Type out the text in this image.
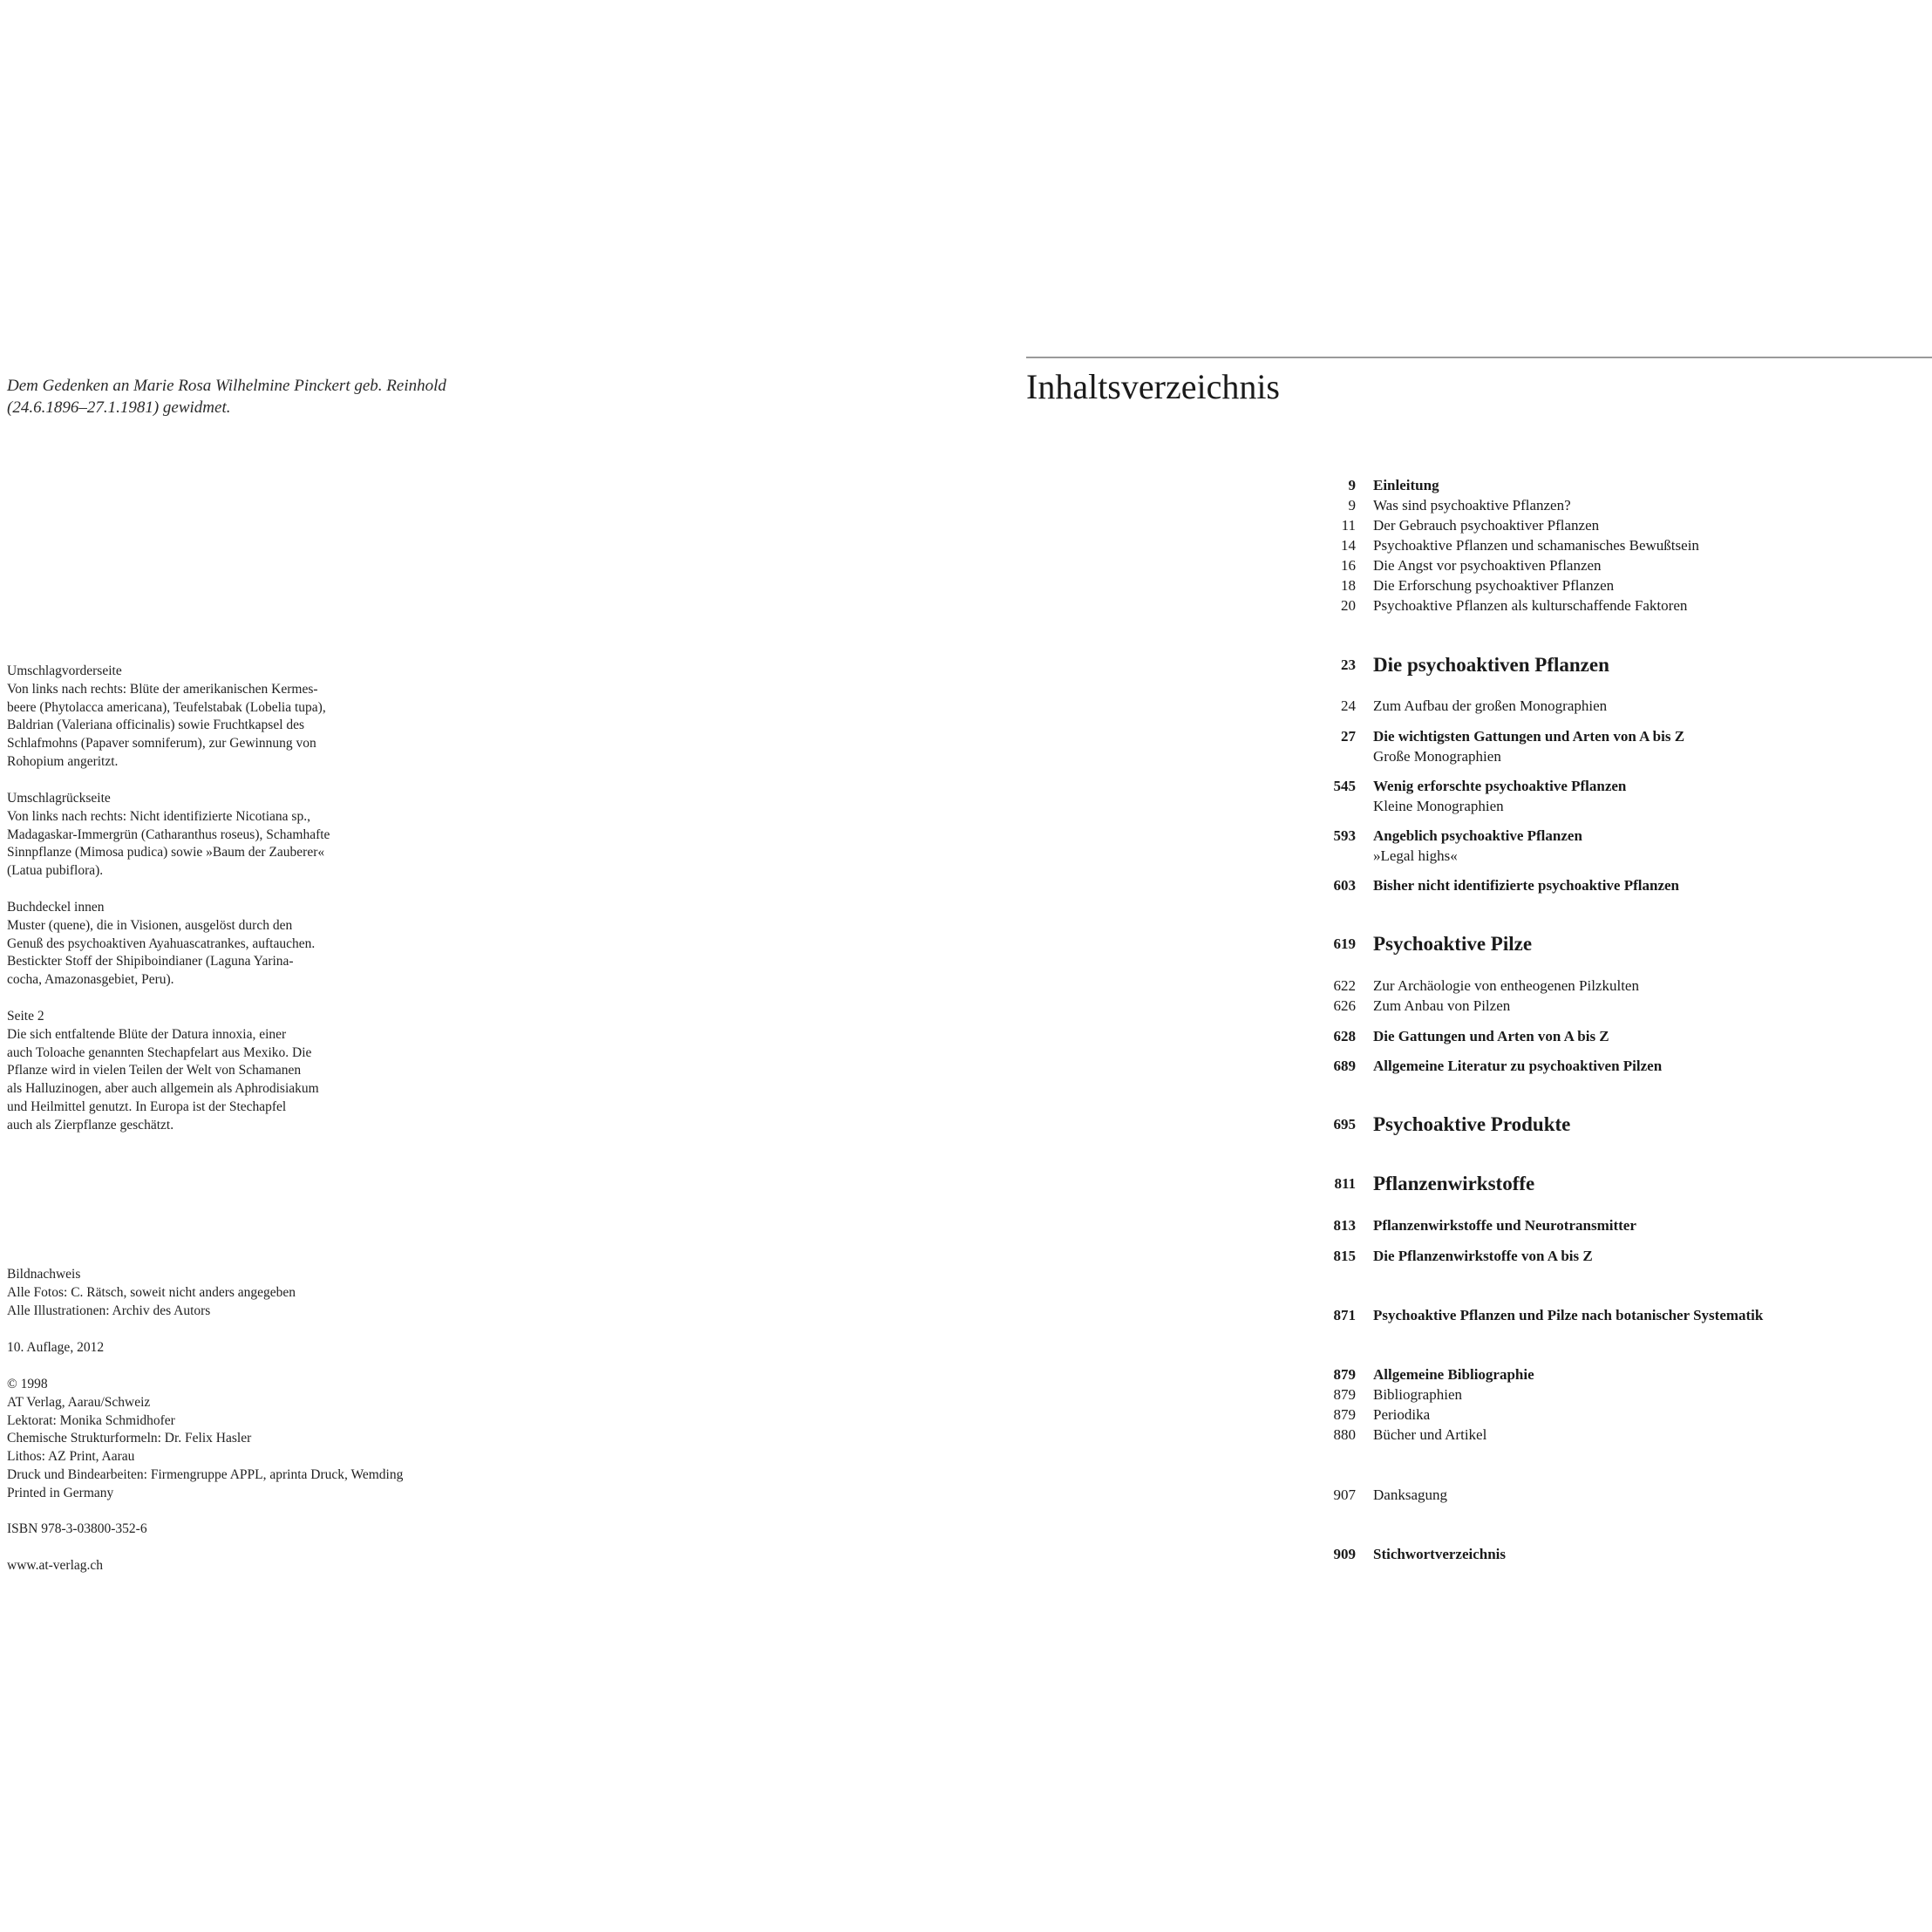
Dem Gedenken an Marie Rosa Wilhelmine Pinckert geb. Reinhold
(24.6.1896–27.1.1981) gewidmet.

Umschlagvorderseite

Von links nach rechts: Blüte der amerikanischen Kermes-

beere (Phytolacca americana), Teufelstabak (Lobelia tupa),

Baldrian (Valeriana officinalis) sowie Fruchtkapsel des

Schlafmohns (Papaver somniferum), zur Gewinnung von

Rohopium angeritzt.

Umschlagrückseite

Von links nach rechts: Nicht identifizierte Nicotiana sp.,

Madagaskar-Immergrün (Catharanthus roseus), Schamhafte

Sinnpflanze (Mimosa pudica) sowie »Baum der Zauberer«

(Latua pubiflora).

Buchdeckel innen

Muster (quene), die in Visionen, ausgelöst durch den

Genuß des psychoaktiven Ayahuascatrankes, auftauchen.

Bestickter Stoff der Shipiboindianer (Laguna Yarina-

cocha, Amazonasgebiet, Peru).

Seite 2

Die sich entfaltende Blüte der Datura innoxia, einer

auch Toloache genannten Stechapfelart aus Mexiko. Die

Pflanze wird in vielen Teilen der Welt von Schamanen

als Halluzinogen, aber auch allgemein als Aphrodisiakum

und Heilmittel genutzt. In Europa ist der Stechapfel

auch als Zierpflanze geschätzt.

Bildnachweis

Alle Fotos: C. Rätsch, soweit nicht anders angegeben

Alle Illustrationen: Archiv des Autors

10. Auflage, 2012

© 1998

AT Verlag, Aarau/Schweiz

Lektorat: Monika Schmidhofer

Chemische Strukturformeln: Dr. Felix Hasler

Lithos: AZ Print, Aarau

Druck und Bindearbeiten: Firmengruppe APPL, aprinta Druck, Wemding

Printed in Germany

ISBN 978-3-03800-352-6

www.at-verlag.ch

Inhaltsverzeichnis
9 Einleitung
9 Was sind psychoaktive Pflanzen?
11 Der Gebrauch psychoaktiver Pflanzen
14 Psychoaktive Pflanzen und schamanisches Bewußtsein
16 Die Angst vor psychoaktiven Pflanzen
18 Die Erforschung psychoaktiver Pflanzen
20 Psychoaktive Pflanzen als kulturschaffende Faktoren
23 Die psychoaktiven Pflanzen
24 Zum Aufbau der großen Monographien
27 Die wichtigsten Gattungen und Arten von A bis Z
Große Monographien
545 Wenig erforschte psychoaktive Pflanzen
Kleine Monographien
593 Angeblich psychoaktive Pflanzen
»Legal highs«
603 Bisher nicht identifizierte psychoaktive Pflanzen
619 Psychoaktive Pilze
622 Zur Archäologie von entheogenen Pilzkulten
626 Zum Anbau von Pilzen
628 Die Gattungen und Arten von A bis Z
689 Allgemeine Literatur zu psychoaktiven Pilzen
695 Psychoaktive Produkte
811 Pflanzenwirkstoffe
813 Pflanzenwirkstoffe und Neurotransmitter
815 Die Pflanzenwirkstoffe von A bis Z
871 Psychoaktive Pflanzen und Pilze nach botanischer Systematik
879 Allgemeine Bibliographie
879 Bibliographien
879 Periodika
880 Bücher und Artikel
907 Danksagung
909 Stichwortverzeichnis
